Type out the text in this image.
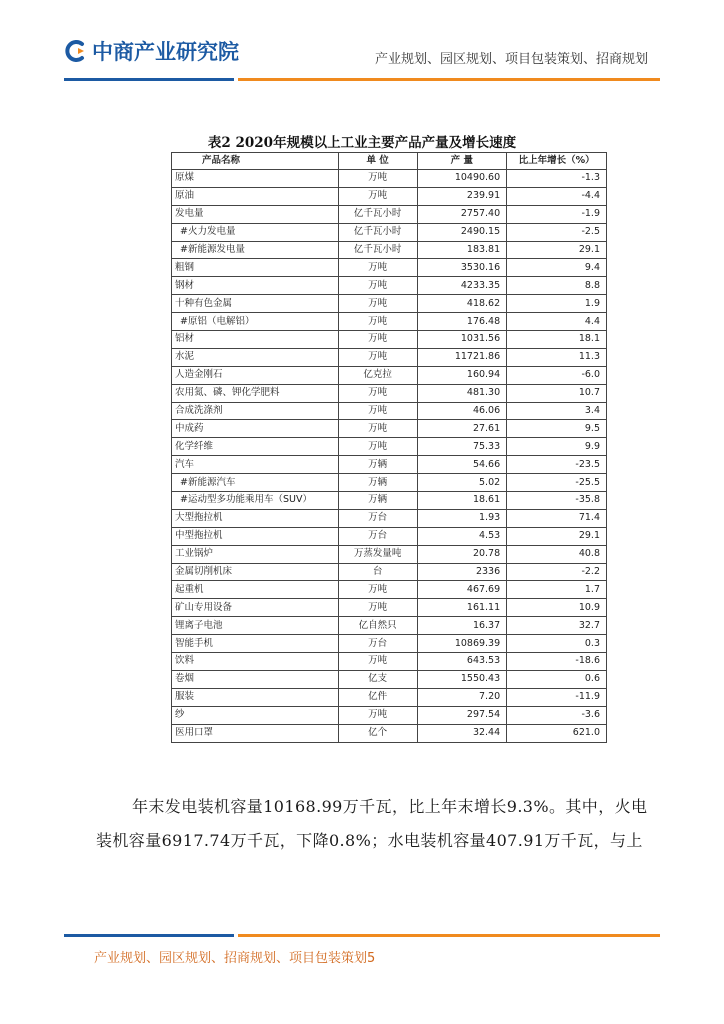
中商产业研究院	产业规划、园区规划、项目包装策划、招商规划
表2 2020年规模以上工业主要产品产量及增长速度
产品名称	单 位	产 量	比上年增长（%）
原煤	万吨	10490.60	-1.3
原油	万吨	239.91	-4.4
发电量	亿千瓦小时	2757.40	-1.9
#火力发电量	亿千瓦小时	2490.15	-2.5
#新能源发电量	亿千瓦小时	183.81	29.1
粗钢	万吨	3530.16	9.4
钢材	万吨	4233.35	8.8
十种有色金属	万吨	418.62	1.9
#原铝（电解铝）	万吨	176.48	4.4
铝材	万吨	1031.56	18.1
水泥	万吨	11721.86	11.3
人造金刚石	亿克拉	160.94	-6.0
农用氮、磷、钾化学肥料	万吨	481.30	10.7
合成洗涤剂	万吨	46.06	3.4
中成药	万吨	27.61	9.5
化学纤维	万吨	75.33	9.9
汽车	万辆	54.66	-23.5
#新能源汽车	万辆	5.02	-25.5
#运动型多功能乘用车（SUV）	万辆	18.61	-35.8
大型拖拉机	万台	1.93	71.4
中型拖拉机	万台	4.53	29.1
工业锅炉	万蒸发量吨	20.78	40.8
金属切削机床	台	2336	-2.2
起重机	万吨	467.69	1.7
矿山专用设备	万吨	161.11	10.9
锂离子电池	亿自然只	16.37	32.7
智能手机	万台	10869.39	0.3
饮料	万吨	643.53	-18.6
卷烟	亿支	1550.43	0.6
服装	亿件	7.20	-11.9
纱	万吨	297.54	-3.6
医用口罩	亿个	32.44	621.0
年末发电装机容量10168.99万千瓦，比上年末增长9.3%。其中，火电
装机容量6917.74万千瓦，下降0.8%；水电装机容量407.91万千瓦，与上
产业规划、园区规划、招商规划、项目包装策划5
